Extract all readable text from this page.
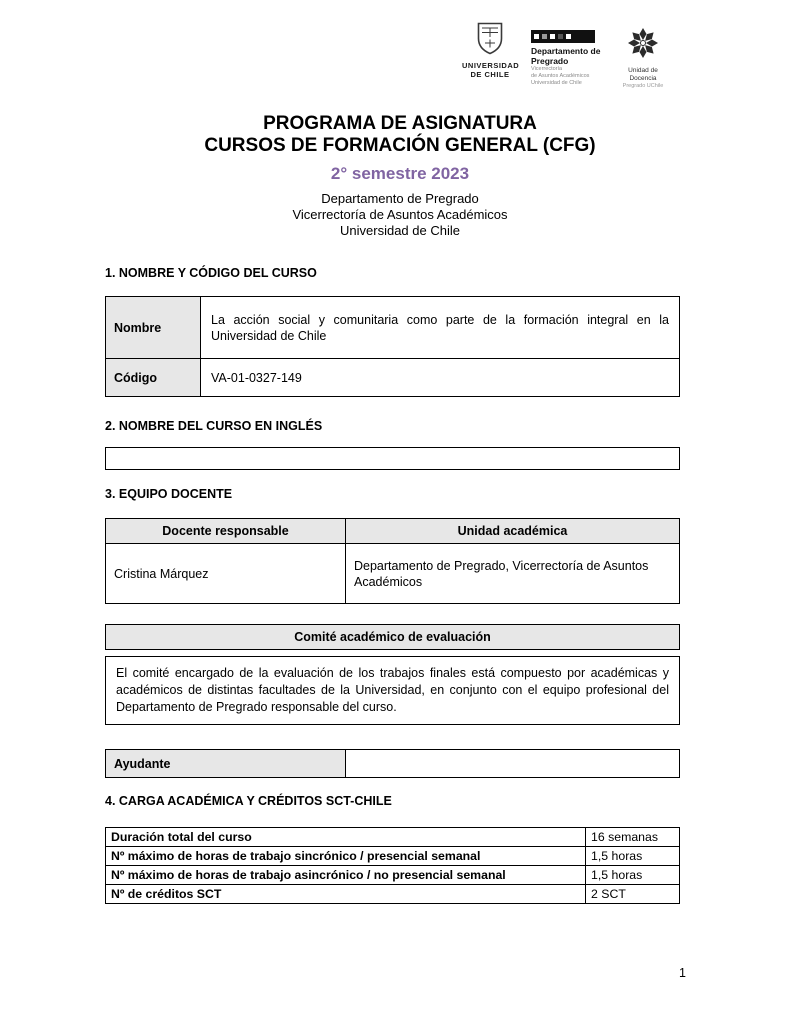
UNIVERSIDAD
DE CHILE
Departamento de Pregrado
Vicerrectoría
de Asuntos Académicos
Universidad de Chile
Unidad de Docencia
Pregrado UChile
PROGRAMA DE ASIGNATURA
CURSOS DE FORMACIÓN GENERAL (CFG)
2° semestre 2023
Departamento de Pregrado
Vicerrectoría de Asuntos Académicos
Universidad de Chile
1. NOMBRE Y CÓDIGO DEL CURSO
Nombre	La acción social y comunitaria como parte de la formación integral en la Universidad de Chile
Código	VA-01-0327-149
2. NOMBRE DEL CURSO EN INGLÉS
3. EQUIPO DOCENTE
Docente responsable	Unidad académica
Cristina Márquez	Departamento de Pregrado, Vicerrectoría de Asuntos Académicos
Comité académico de evaluación
El comité encargado de la evaluación de los trabajos finales está compuesto por académicas y académicos de distintas facultades de la Universidad, en conjunto con el equipo profesional del Departamento de Pregrado responsable del curso.
Ayudante	
4. CARGA ACADÉMICA Y CRÉDITOS SCT-CHILE
Duración total del curso	16 semanas
Nº máximo de horas de trabajo sincrónico / presencial semanal	1,5 horas
Nº máximo de horas de trabajo asincrónico / no presencial semanal	1,5 horas
Nº de créditos SCT	2 SCT
1
